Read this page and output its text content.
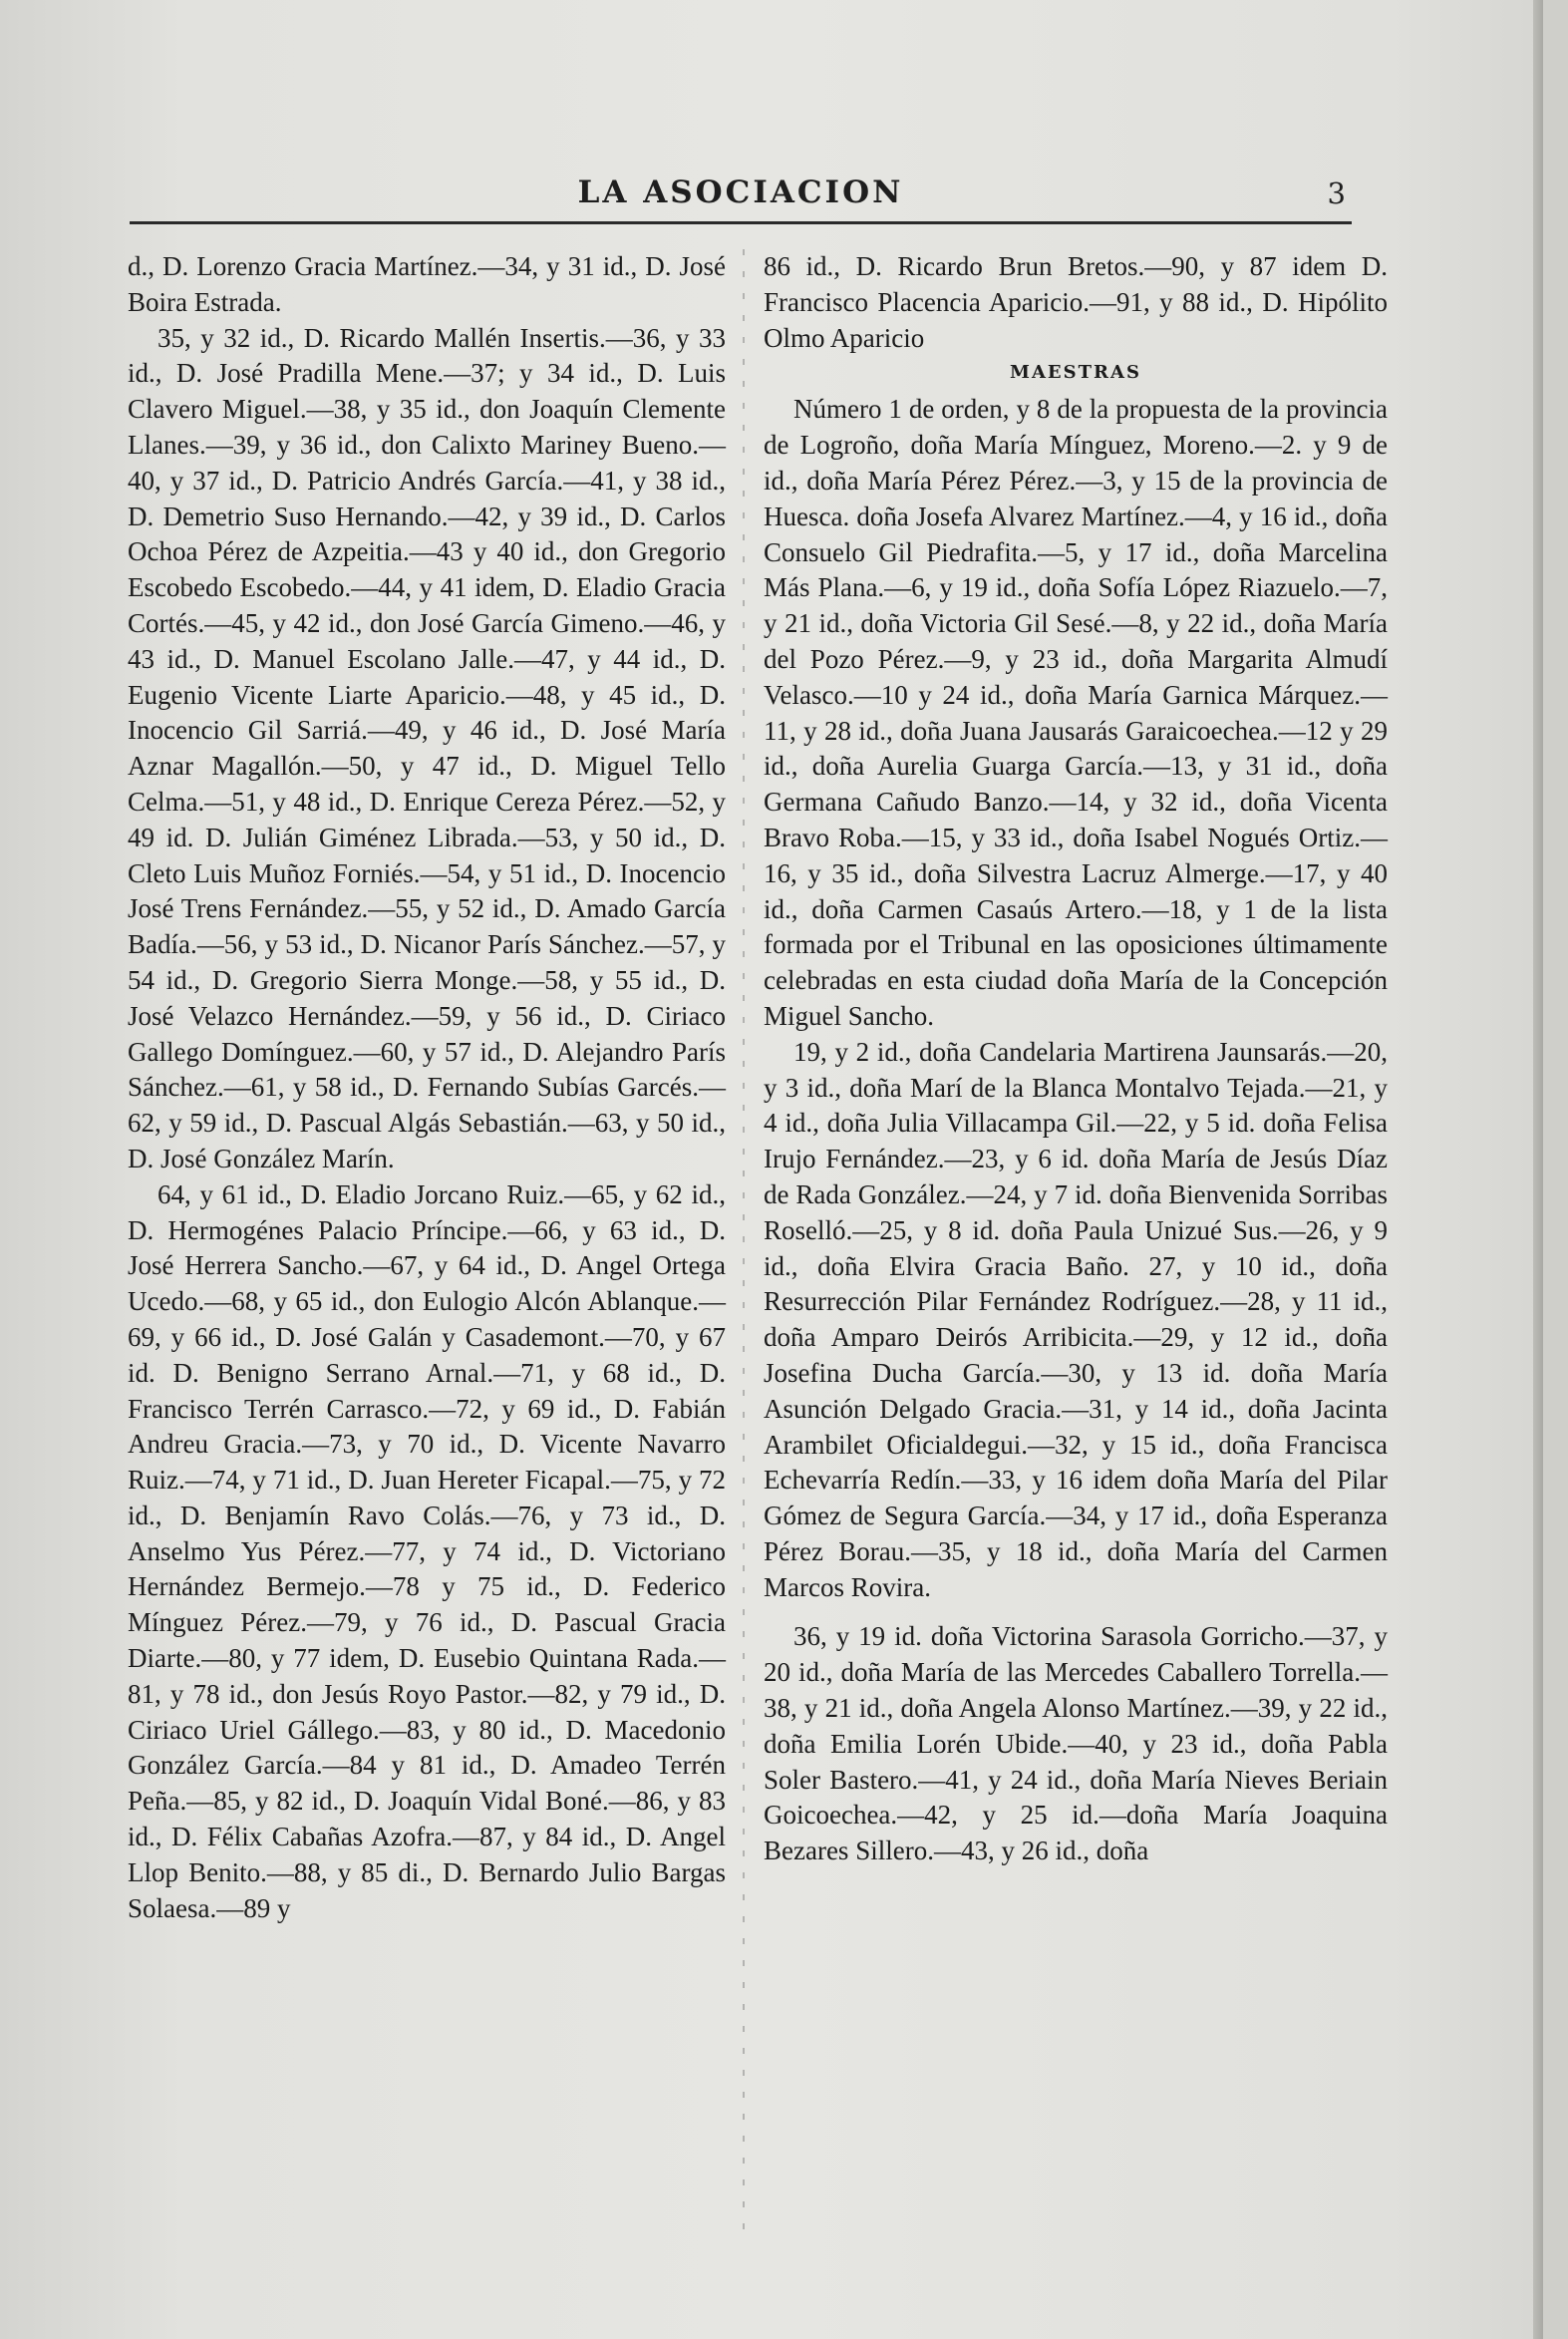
LA ASOCIACION	3

d., D. Lorenzo Gracia Martínez.—34, y 31 id., D. José Boira Estrada.

35, y 32 id., D. Ricardo Mallén Insertis.—36, y 33 id., D. José Pradilla Mene.—37; y 34 id., D. Luis Clavero Miguel.—38, y 35 id., don Joaquín Clemente Llanes.—39, y 36 id., don Calixto Mariney Bueno.—40, y 37 id., D. Patricio Andrés García.—41, y 38 id., D. Demetrio Suso Hernando.—42, y 39 id., D. Carlos Ochoa Pérez de Azpeitia.—43 y 40 id., don Gregorio Escobedo Escobedo.—44, y 41 idem, D. Eladio Gracia Cortés.—45, y 42 id., don José García Gimeno.—46, y 43 id., D. Manuel Escolano Jalle.—47, y 44 id., D. Eugenio Vicente Liarte Aparicio.—48, y 45 id., D. Inocencio Gil Sarriá.—49, y 46 id., D. José María Aznar Magallón.—50, y 47 id., D. Miguel Tello Celma.—51, y 48 id., D. Enrique Cereza Pérez.—52, y 49 id. D. Julián Giménez Librada.—53, y 50 id., D. Cleto Luis Muñoz Forniés.—54, y 51 id., D. Inocencio José Trens Fernández.—55, y 52 id., D. Amado García Badía.—56, y 53 id., D. Nicanor París Sánchez.—57, y 54 id., D. Gregorio Sierra Monge.—58, y 55 id., D. José Velazco Hernández.—59, y 56 id., D. Ciriaco Gallego Domínguez.—60, y 57 id., D. Alejandro París Sánchez.—61, y 58 id., D. Fernando Subías Garcés.—62, y 59 id., D. Pascual Algás Sebastián.—63, y 50 id., D. José González Marín.

64, y 61 id., D. Eladio Jorcano Ruiz.—65, y 62 id., D. Hermogénes Palacio Príncipe.—66, y 63 id., D. José Herrera Sancho.—67, y 64 id., D. Angel Ortega Ucedo.—68, y 65 id., don Eulogio Alcón Ablanque.—69, y 66 id., D. José Galán y Casademont.—70, y 67 id. D. Benigno Serrano Arnal.—71, y 68 id., D. Francisco Terrén Carrasco.—72, y 69 id., D. Fabián Andreu Gracia.—73, y 70 id., D. Vicente Navarro Ruiz.—74, y 71 id., D. Juan Hereter Ficapal.—75, y 72 id., D. Benjamín Ravo Colás.—76, y 73 id., D. Anselmo Yus Pérez.—77, y 74 id., D. Victoriano Hernández Bermejo.—78 y 75 id., D. Federico Mínguez Pérez.—79, y 76 id., D. Pascual Gracia Diarte.—80, y 77 idem, D. Eusebio Quintana Rada.—81, y 78 id., don Jesús Royo Pastor.—82, y 79 id., D. Ciriaco Uriel Gállego.—83, y 80 id., D. Macedonio González García.—84 y 81 id., D. Amadeo Terrén Peña.—85, y 82 id., D. Joaquín Vidal Boné.—86, y 83 id., D. Félix Cabañas Azofra.—87, y 84 id., D. Angel Llop Benito.—88, y 85 di., D. Bernardo Julio Bargas Solaesa.—89 y

86 id., D. Ricardo Brun Bretos.—90, y 87 idem D. Francisco Placencia Aparicio.—91, y 88 id., D. Hipólito Olmo Aparicio

MAESTRAS

Número 1 de orden, y 8 de la propuesta de la provincia de Logroño, doña María Mínguez, Moreno.—2. y 9 de id., doña María Pérez Pérez.—3, y 15 de la provincia de Huesca. doña Josefa Alvarez Martínez.—4, y 16 id., doña Consuelo Gil Piedrafita.—5, y 17 id., doña Marcelina Más Plana.—6, y 19 id., doña Sofía López Riazuelo.—7, y 21 id., doña Victoria Gil Sesé.—8, y 22 id., doña María del Pozo Pérez.—9, y 23 id., doña Margarita Almudí Velasco.—10 y 24 id., doña María Garnica Márquez.—11, y 28 id., doña Juana Jausarás Garaicoechea.—12 y 29 id., doña Aurelia Guarga García.—13, y 31 id., doña Germana Cañudo Banzo.—14, y 32 id., doña Vicenta Bravo Roba.—15, y 33 id., doña Isabel Nogués Ortiz.—16, y 35 id., doña Silvestra Lacruz Almerge.—17, y 40 id., doña Carmen Casaús Artero.—18, y 1 de la lista formada por el Tribunal en las oposiciones últimamente celebradas en esta ciudad doña María de la Concepción Miguel Sancho.

19, y 2 id., doña Candelaria Martirena Jaunsarás.—20, y 3 id., doña Marí de la Blanca Montalvo Tejada.—21, y 4 id., doña Julia Villacampa Gil.—22, y 5 id. doña Felisa Irujo Fernández.—23, y 6 id. doña María de Jesús Díaz de Rada González.—24, y 7 id. doña Bienvenida Sorribas Roselló.—25, y 8 id. doña Paula Unizué Sus.—26, y 9 id., doña Elvira Gracia Baño. 27, y 10 id., doña Resurrección Pilar Fernández Rodríguez.—28, y 11 id., doña Amparo Deirós Arribicita.—29, y 12 id., doña Josefina Ducha García.—30, y 13 id. doña María Asunción Delgado Gracia.—31, y 14 id., doña Jacinta Arambilet Oficialdegui.—32, y 15 id., doña Francisca Echevarría Redín.—33, y 16 idem doña María del Pilar Gómez de Segura García.—34, y 17 id., doña Esperanza Pérez Borau.—35, y 18 id., doña María del Carmen Marcos Rovira.

36, y 19 id. doña Victorina Sarasola Gorricho.—37, y 20 id., doña María de las Mercedes Caballero Torrella.—38, y 21 id., doña Angela Alonso Martínez.—39, y 22 id., doña Emilia Lorén Ubide.—40, y 23 id., doña Pabla Soler Bastero.—41, y 24 id., doña María Nieves Beriain Goicoechea.—42, y 25 id.—doña María Joaquina Bezares Sillero.—43, y 26 id., doña
